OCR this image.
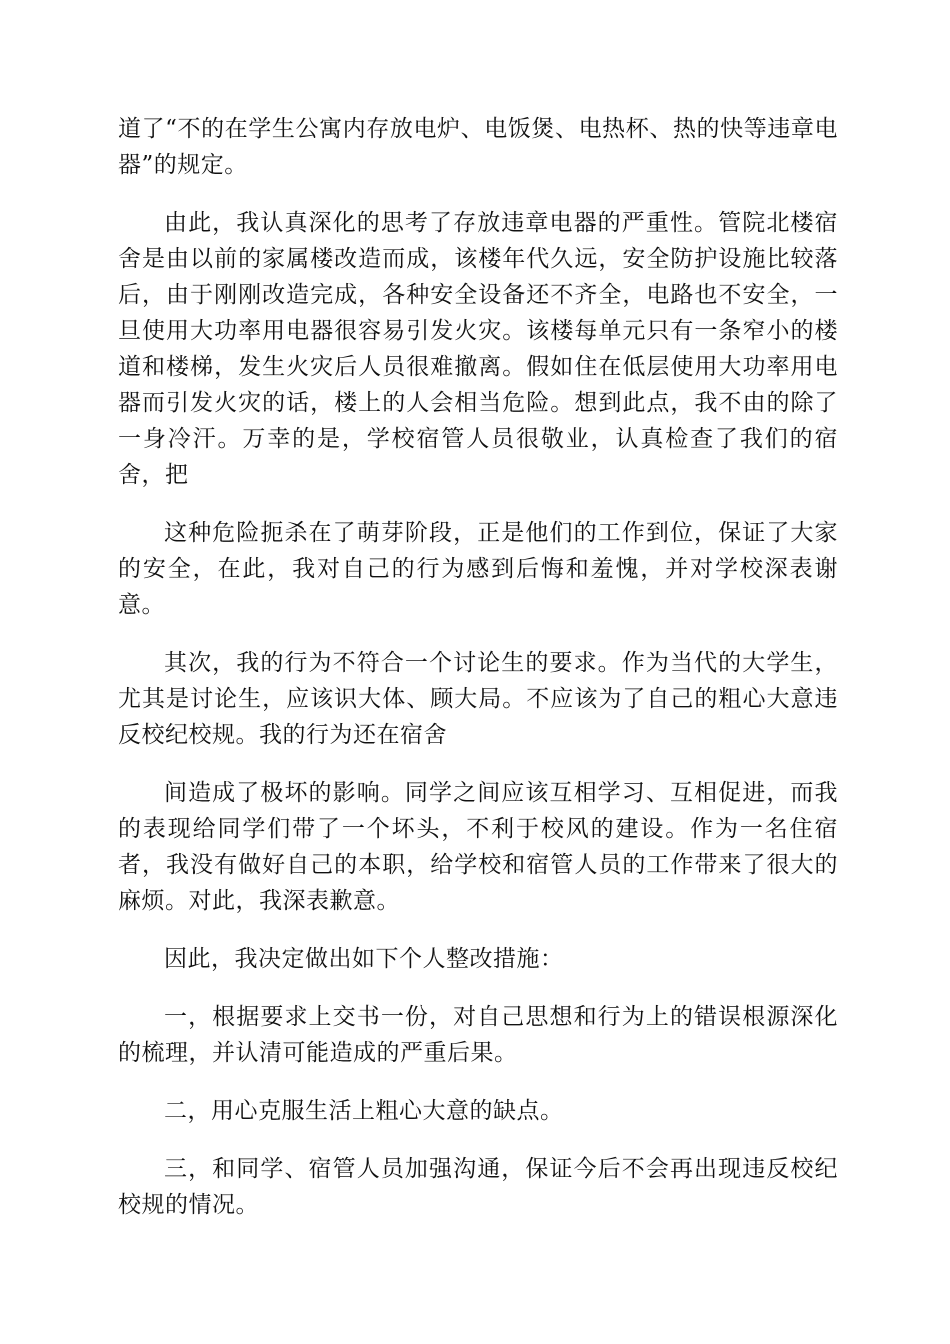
道了“不的在学生公寓内存放电炉、电饭煲、电热杯、热的快等违章电器”的规定。

由此，我认真深化的思考了存放违章电器的严重性。管院北楼宿舍是由以前的家属楼改造而成，该楼年代久远，安全防护设施比较落后，由于刚刚改造完成，各种安全设备还不齐全，电路也不安全，一旦使用大功率用电器很容易引发火灾。该楼每单元只有一条窄小的楼道和楼梯，发生火灾后人员很难撤离。假如住在低层使用大功率用电器而引发火灾的话，楼上的人会相当危险。想到此点，我不由的除了一身冷汗。万幸的是，学校宿管人员很敬业，认真检查了我们的宿舍，把

这种危险扼杀在了萌芽阶段，正是他们的工作到位，保证了大家的安全，在此，我对自己的行为感到后悔和羞愧，并对学校深表谢意。

其次，我的行为不符合一个讨论生的要求。作为当代的大学生，尤其是讨论生，应该识大体、顾大局。不应该为了自己的粗心大意违反校纪校规。我的行为还在宿舍

间造成了极坏的影响。同学之间应该互相学习、互相促进，而我的表现给同学们带了一个坏头，不利于校风的建设。作为一名住宿者，我没有做好自己的本职，给学校和宿管人员的工作带来了很大的麻烦。对此，我深表歉意。

因此，我决定做出如下个人整改措施：

一，根据要求上交书一份，对自己思想和行为上的错误根源深化的梳理，并认清可能造成的严重后果。

二，用心克服生活上粗心大意的缺点。

三，和同学、宿管人员加强沟通，保证今后不会再出现违反校纪校规的情况。
